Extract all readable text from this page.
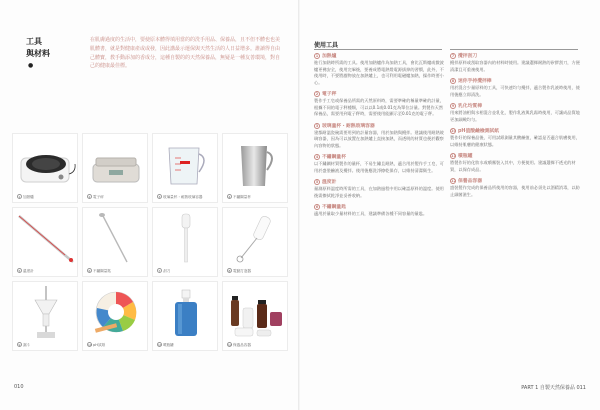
工具
與材料
●
在肌膚過度的生活中，要使原本體得填用當的的洗手用品、保養品，且不但不體也也美肌體書，就是對健康產或或發，因此講最示運保與天然生活的人日益增多。誰讀得自由己體寶，教手動添加的香成分，這種自製的的天然保養品，無疑是一種友善環境，對自己的健康最佳標。
1 加熱爐	2 電子秤	3 玻璃量杯・耐熱玻璃容器	4 不鏽鋼量杯
5 溫度計	6 不鏽鋼量匙	7 刮刀	8 電動打泡器
9 漏斗	10pH試紙	11噴瓶罐	12保養品容器
010
使用工具
1 加熱爐
進行加熱時所需的工具。使用加熱爐作為加熱工具，會比瓦斯爐或微波爐更佛安全，使用完畢後，要養成將電熱燈電源拔掉的習慣，此外，不使用時，不要將瀝物放在加熱爐上，也可利用電磁爐加熱，操作時要小心。
2 電子秤
製作手工皂或保養品所需的天然原料時，需要準確的稱量準確的計量，根據不同的電子秤種類，可以以0.1或0.01克為單位計量。對製作天然保養品，需要用到電子秤時，需要使用能顯示至0.01克的電子秤。
3 玻璃量杯・耐熱玻璃容器
建都耐溫瓷碗需要用到的計量容器，用於加熱與攪拌。建議使用耐熱玻璃容器，因為可以放置在加熱爐上直接加熱，而透明的材質也便於觀察內容物的狀態。
4 不鏽鋼量杯
以不鏽鋼材質製作的量杯，不易生鏽且耐熱，適合用於製作手工皂，可用於盛裝鹼液及攪拌。使用後應洗淨擦乾保存，以維持清潔衛生。
5 溫度計
量測原料溫度時所需的工具，在加熱過程中用以確認原料的溫度。使用後需擦拭乾淨並妥善收納。
6 不鏽鋼量匙
適用於量取少量材料的工具，建議準備各種不同容量的量匙。
7 攪拌刮刀
攪拌原料或刮取容器內的材料時使用。建議選擇耐熱的矽膠刮刀，方便清潔且可重複使用。
8 迷你手持攪拌棒
用於混合少量原料的工具，可快速均勻攪拌，適合製作乳液時使用，使用後應立即清洗。
9 乳化均質棒
用來將油相與水相混合並乳化，製作乳液與乳霜時使用，可讓成品質地更加細緻均勻。
10 pH值酸鹼檢測試紙
製作好的保養品後，可用試紙測量其酸鹼值，確認是否適合肌膚使用，以維持肌膚的健康狀態。
11 噴瓶罐
將製作好的化妝水或噴霧裝入其中，方便使用。建議選擇不透光的材質，以保存成品。
12 保養品容器
盛裝製作完成的保養品所使用的容器，使用前必須先以酒精消毒，以防止細菌滋生。
PART 1 自製天然保養品 011
